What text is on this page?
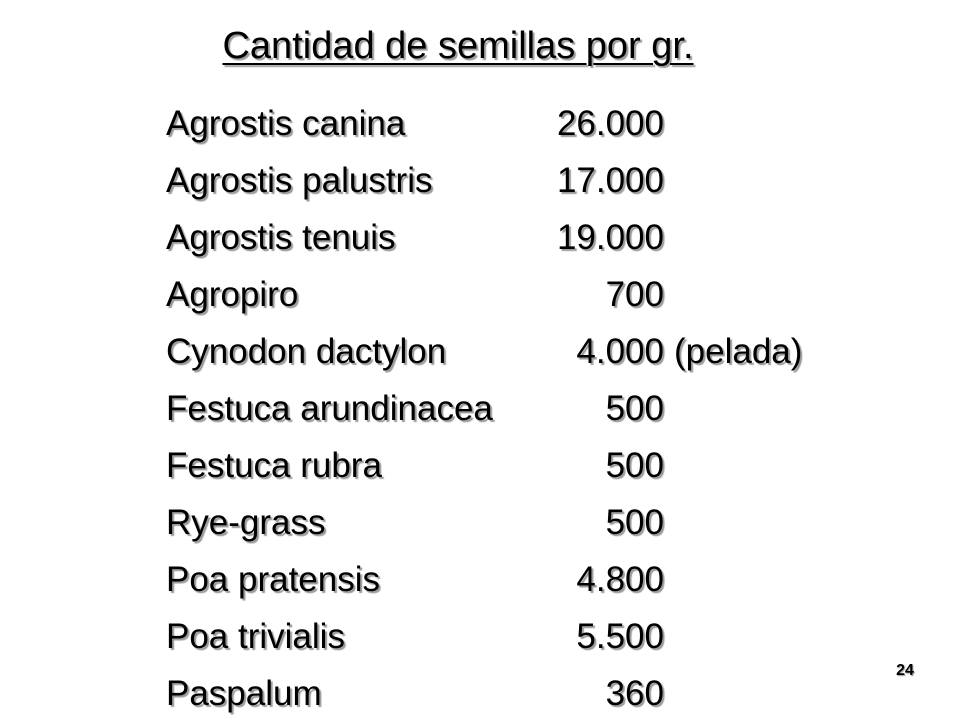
Cantidad de semillas por gr.
Agrostis canina	26.000	
Agrostis palustris	17.000	
Agrostis tenuis	19.000	
Agropiro	700	
Cynodon dactylon	4.000	(pelada)
Festuca arundinacea	500	
Festuca rubra	500	
Rye-grass	500	
Poa pratensis	4.800	
Poa trivialis	5.500	
Paspalum	360	
24
